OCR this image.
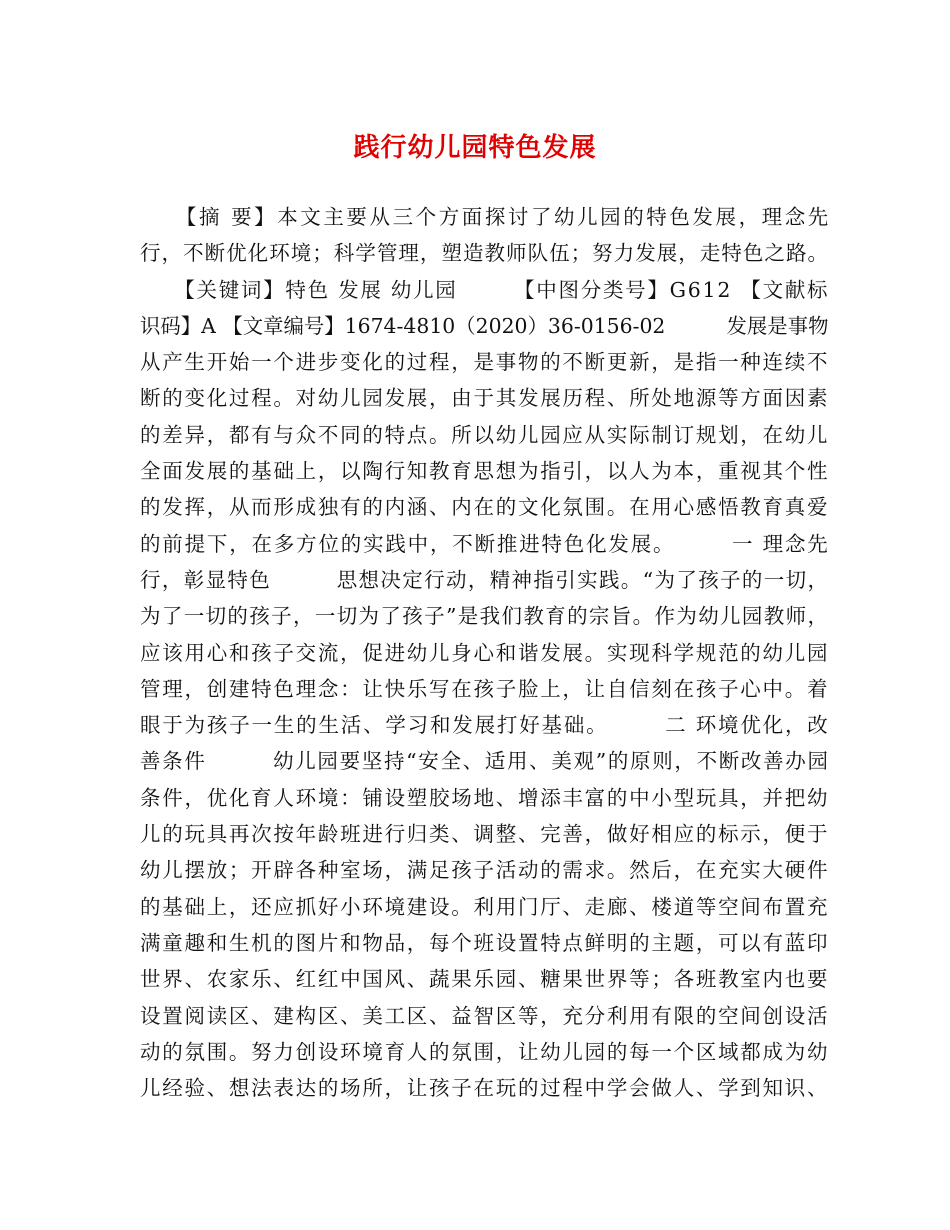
践行幼儿园特色发展
　　【摘 要】本文主要从三个方面探讨了幼儿园的特色发展，理念先
行，不断优化环境；科学管理，塑造教师队伍；努力发展，走特色之路。
　　【关键词】特色 发展 幼儿园　　　【中图分类号】G612 【文献标
识码】A 【文章编号】1674-4810（2020）36-0156-02　　　发展是事物
从产生开始一个进步变化的过程，是事物的不断更新，是指一种连续不
断的变化过程。对幼儿园发展，由于其发展历程、所处地源等方面因素
的差异，都有与众不同的特点。所以幼儿园应从实际制订规划，在幼儿
全面发展的基础上，以陶行知教育思想为指引，以人为本，重视其个性
的发挥，从而形成独有的内涵、内在的文化氛围。在用心感悟教育真爱
的前提下，在多方位的实践中，不断推进特色化发展。　　　一 理念先
行，彰显特色　　　思想决定行动，精神指引实践。“为了孩子的一切，
为了一切的孩子，一切为了孩子”是我们教育的宗旨。作为幼儿园教师，
应该用心和孩子交流，促进幼儿身心和谐发展。实现科学规范的幼儿园
管理，创建特色理念：让快乐写在孩子脸上，让自信刻在孩子心中。着
眼于为孩子一生的生活、学习和发展打好基础。　　　二 环境优化，改
善条件　　　幼儿园要坚持“安全、适用、美观”的原则，不断改善办园
条件，优化育人环境：铺设塑胶场地、增添丰富的中小型玩具，并把幼
儿的玩具再次按年龄班进行归类、调整、完善，做好相应的标示，便于
幼儿摆放；开辟各种室场，满足孩子活动的需求。然后，在充实大硬件
的基础上，还应抓好小环境建设。利用门厅、走廊、楼道等空间布置充
满童趣和生机的图片和物品，每个班设置特点鲜明的主题，可以有蓝印
世界、农家乐、红红中国风、蔬果乐园、糖果世界等；各班教室内也要
设置阅读区、建构区、美工区、益智区等，充分利用有限的空间创设活
动的氛围。努力创设环境育人的氛围，让幼儿园的每一个区域都成为幼
儿经验、想法表达的场所，让孩子在玩的过程中学会做人、学到知识、
